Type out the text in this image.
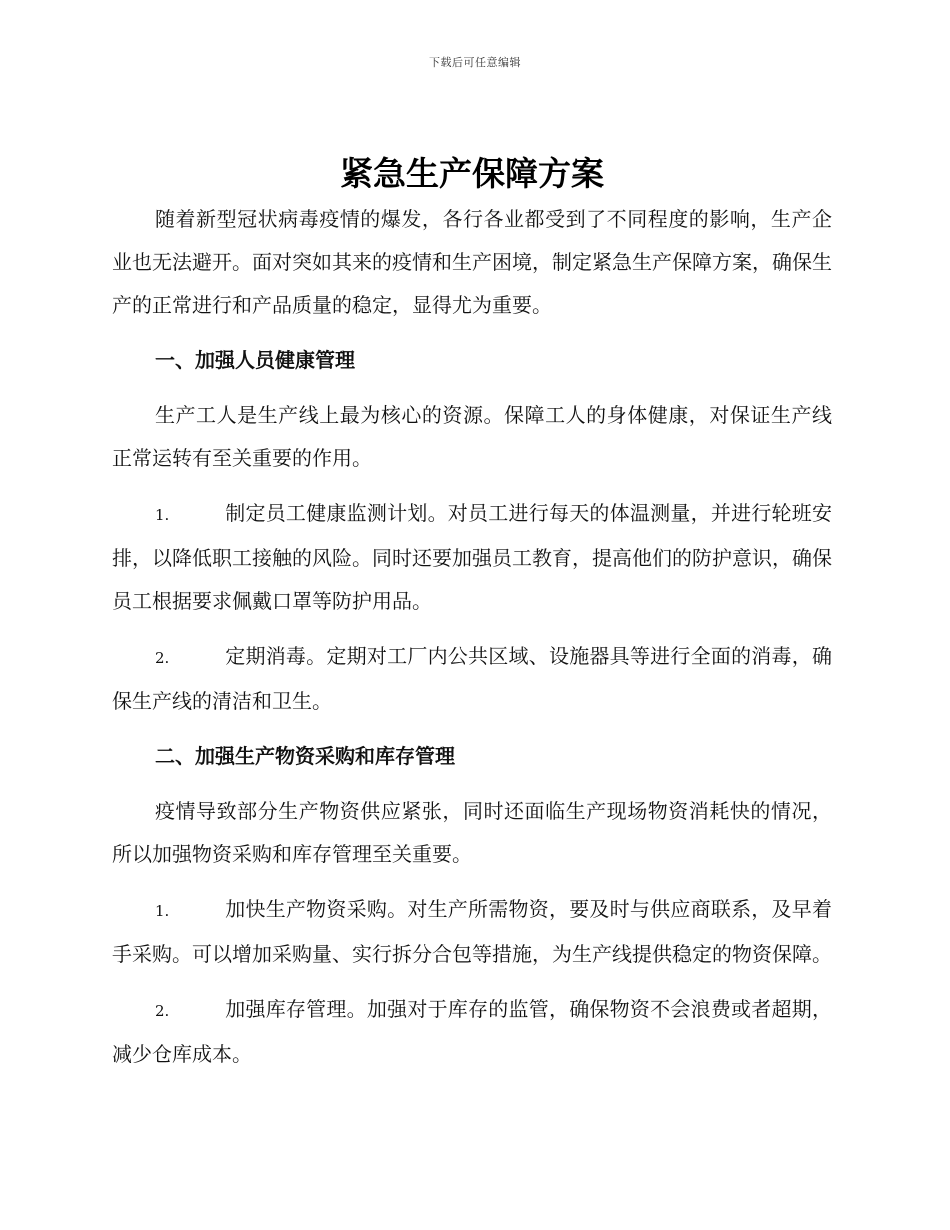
下载后可任意编辑
紧急生产保障方案

随着新型冠状病毒疫情的爆发，各行各业都受到了不同程度的影响，生产企业也无法避开。面对突如其来的疫情和生产困境，制定紧急生产保障方案，确保生产的正常进行和产品质量的稳定，显得尤为重要。

一、加强人员健康管理

生产工人是生产线上最为核心的资源。保障工人的身体健康，对保证生产线正常运转有至关重要的作用。

1.	制定员工健康监测计划。对员工进行每天的体温测量，并进行轮班安排，以降低职工接触的风险。同时还要加强员工教育，提高他们的防护意识，确保员工根据要求佩戴口罩等防护用品。

2.	定期消毒。定期对工厂内公共区域、设施器具等进行全面的消毒，确保生产线的清洁和卫生。

二、加强生产物资采购和库存管理

疫情导致部分生产物资供应紧张，同时还面临生产现场物资消耗快的情况，所以加强物资采购和库存管理至关重要。

1.	加快生产物资采购。对生产所需物资，要及时与供应商联系，及早着手采购。可以增加采购量、实行拆分合包等措施，为生产线提供稳定的物资保障。

2.	加强库存管理。加强对于库存的监管，确保物资不会浪费或者超期，减少仓库成本。
